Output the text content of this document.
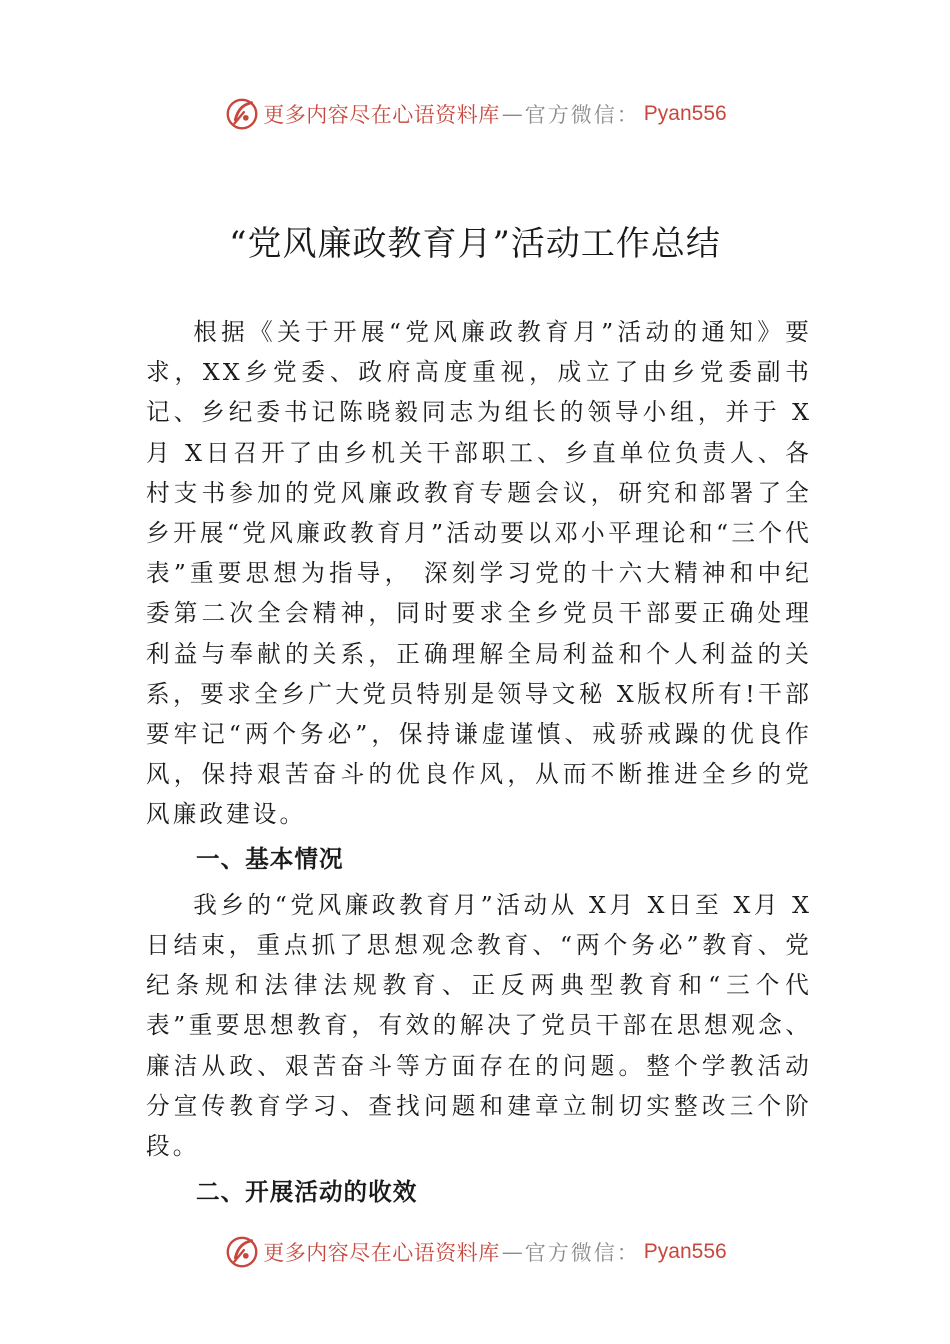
更多内容尽在心语资料库 — 官方微信： Pyan556
“党风廉政教育月”活动工作总结

根据《关于开展“党风廉政教育月”活动的通知》要求，XX乡党委、政府高度重视，成立了由乡党委副书记、乡纪委书记陈晓毅同志为组长的领导小组，并于 X月 X日召开了由乡机关干部职工、乡直单位负责人、各村支书参加的党风廉政教育专题会议，研究和部署了全乡开展“党风廉政教育月”活动要以邓小平理论和“三个代表”重要思想为指导， 深刻学习党的十六大精神和中纪委第二次全会精神，同时要求全乡党员干部要正确处理利益与奉献的关系，正确理解全局利益和个人利益的关系，要求全乡广大党员特别是领导文秘 X版权所有!干部要牢记“两个务必”，保持谦虚谨慎、戒骄戒躁的优良作风，保持艰苦奋斗的优良作风，从而不断推进全乡的党风廉政建设。

一、基本情况

我乡的“党风廉政教育月”活动从 X月 X日至 X月 X日结束，重点抓了思想观念教育、“两个务必”教育、党纪条规和法律法规教育、正反两典型教育和“三个代表”重要思想教育，有效的解决了党员干部在思想观念、廉洁从政、艰苦奋斗等方面存在的问题。整个学教活动分宣传教育学习、查找问题和建章立制切实整改三个阶段。

二、开展活动的收效
更多内容尽在心语资料库 — 官方微信： Pyan556
